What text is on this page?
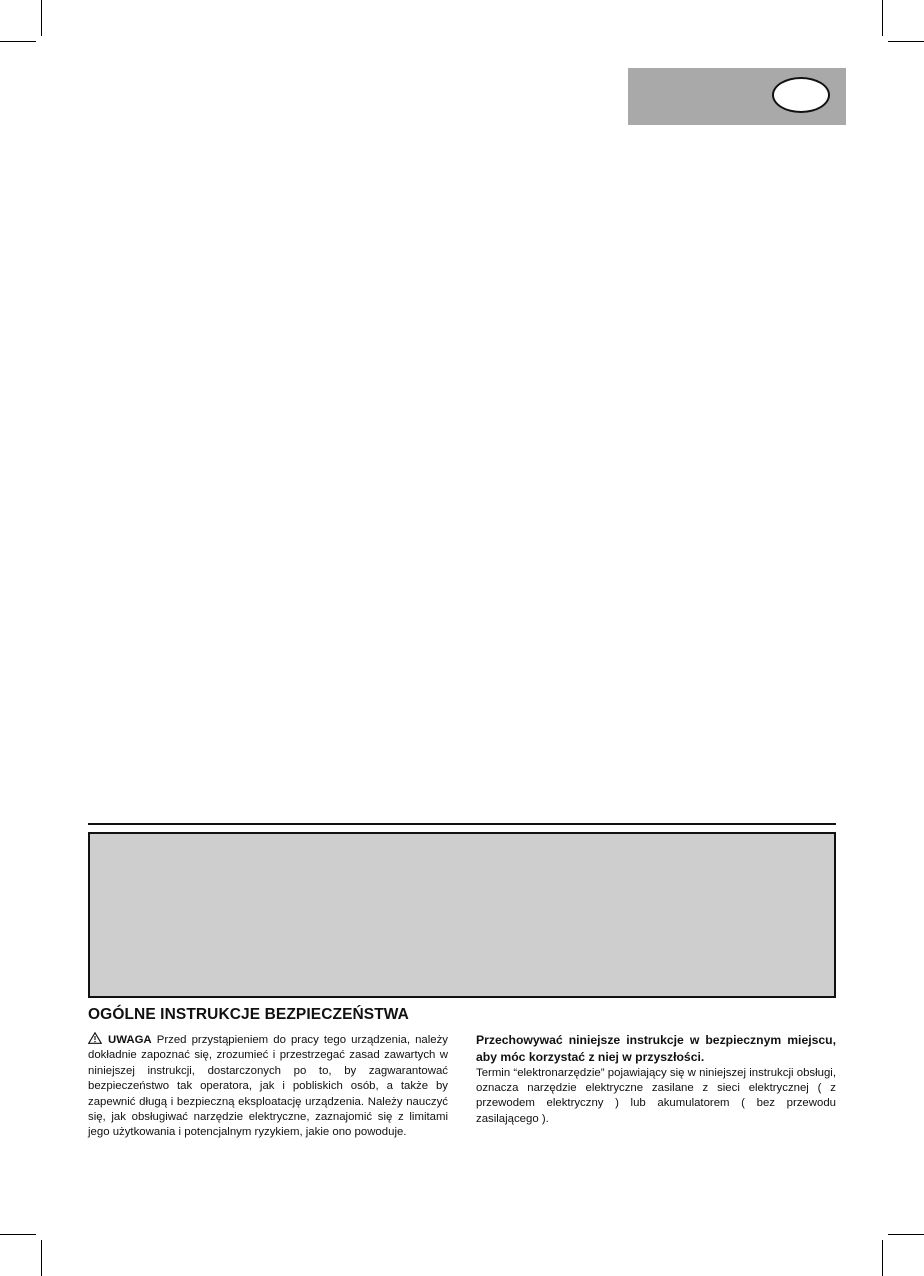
OGÓLNE INSTRUKCJE BEZPIECZEŃSTWA

UWAGA Przed przystąpieniem do pracy tego urządzenia, należy dokładnie zapoznać się, zrozumieć i przestrzegać zasad zawartych w niniejszej instrukcji, dostarczonych po to, by zagwarantować bezpieczeństwo tak operatora, jak i pobliskich osób, a także by zapewnić długą i bezpieczną eksploatację urządzenia. Należy nauczyć się, jak obsługiwać narzędzie elektryczne, zaznajomić się z limitami jego użytkowania i potencjalnym ryzykiem, jakie ono powoduje.

Przechowywać niniejsze instrukcje w bezpiecznym miejscu, aby móc korzystać z niej w przyszłości.

Termin “elektronarzędzie” pojawiający się w niniejszej instrukcji obsługi, oznacza narzędzie elektryczne zasilane z sieci elektrycznej ( z przewodem elektryczny ) lub akumulatorem ( bez przewodu zasilającego ).
